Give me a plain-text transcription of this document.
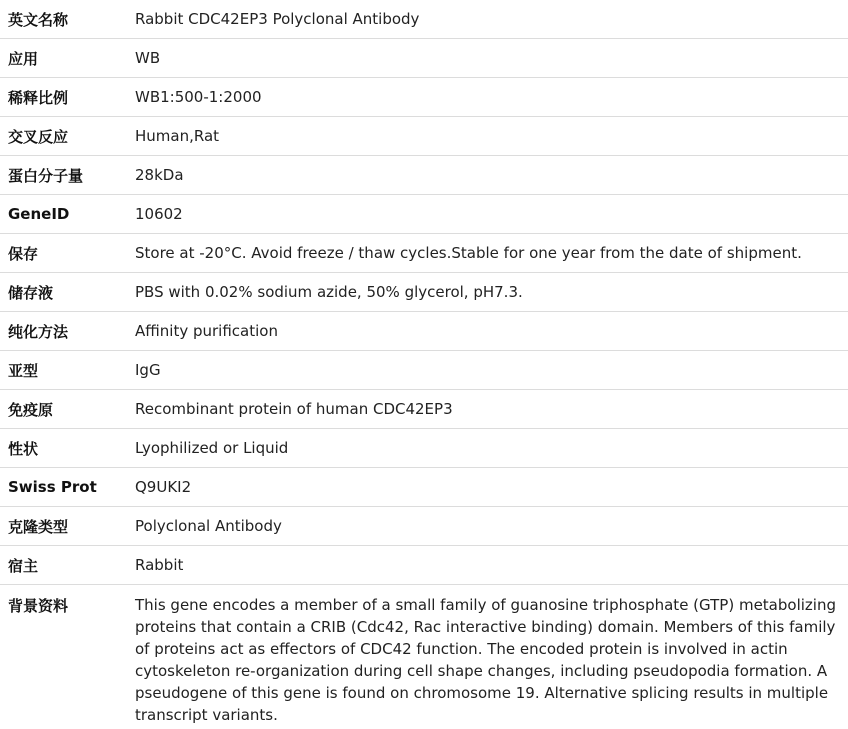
英文名称	Rabbit CDC42EP3 Polyclonal Antibody
应用	WB
稀释比例	WB1:500-1:2000
交叉反应	Human,Rat
蛋白分子量	28kDa
GeneID	10602
保存	Store at -20°C. Avoid freeze / thaw cycles.Stable for one year from the date of shipment.
储存液	PBS with 0.02% sodium azide, 50% glycerol, pH7.3.
纯化方法	Affinity purification
亚型	IgG
免疫原	Recombinant protein of human CDC42EP3
性状	Lyophilized or Liquid
Swiss Prot	Q9UKI2
克隆类型	Polyclonal Antibody
宿主	Rabbit
背景资料	This gene encodes a member of a small family of guanosine triphosphate (GTP) metabolizing proteins that contain a CRIB (Cdc42, Rac interactive binding) domain. Members of this family of proteins act as effectors of CDC42 function. The encoded protein is involved in actin cytoskeleton re-organization during cell shape changes, including pseudopodia formation. A pseudogene of this gene is found on chromosome 19. Alternative splicing results in multiple transcript variants.
